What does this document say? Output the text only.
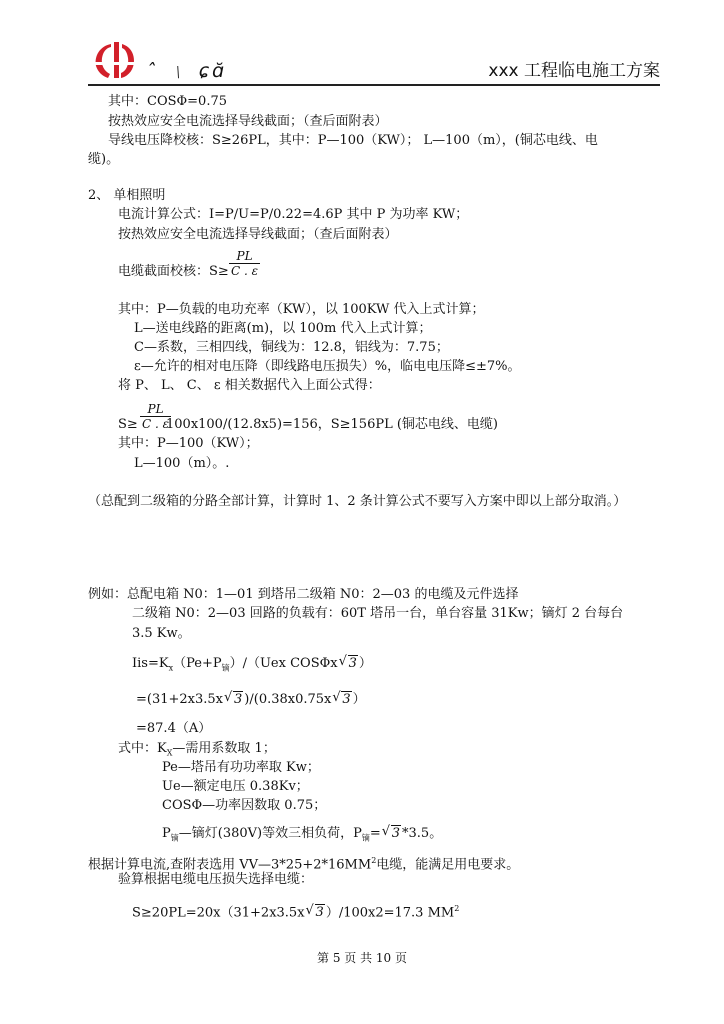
ˆ ﹨ ɕɑ̆	xxx 工程临电施工方案
其中：COSΦ=0.75
按热效应安全电流选择导线截面；（查后面附表）
导线电压降校核：S≥26PL，其中：P—100（KW）； L—100（m），(铜芯电线、电
缆)。
2、 单相照明
电流计算公式：I=P/U=P/0.22=4.6P 其中 P 为功率 KW；
按热效应安全电流选择导线截面；（查后面附表）
电缆截面校核：S≥
PL
C . ε
其中：P—负载的电功充率（KW），以 100KW 代入上式计算；
L—送电线路的距离(m)，以 100m 代入上式计算；
C—系数，三相四线，铜线为：12.8，铝线为：7.75；
ε—允许的相对电压降（即线路电压损失）%，临电电压降≤±7%。
将 P、 L、 C、 ε 相关数据代入上面公式得：
S≥
PL
C . ε
100x100/(12.8x5)=156，S≥156PL (铜芯电线、电缆)
其中：P—100（KW）；
L—100（m）。.
（总配到二级箱的分路全部计算，计算时 1、2 条计算公式不要写入方案中即以上部分取消。）
例如：总配电箱 N0：1—01 到塔吊二级箱 N0：2—03 的电缆及元件选择
二级箱 N0：2—03 回路的负载有：60T 塔吊一台，单台容量 31Kw；镝灯 2 台每台
3.5 Kw。
$Iis=K_x(Pe+P_镝)/(Uex$ COSΦx √ 3 ）
=(31+2x3.5x √ 3 )/(0.38x0.75x √ 3 ）
=87.4（A）
式中：$K_X—$需用系数取 1；
Pe—塔吊有功功率取 Kw；
Ue—额定电压 0.38Kv；
COSΦ—功率因数取 0.75；
$P_镝—$镝灯(380V)等效三相负荷，$P_镝=$ √ 3 *3.5。
根据计算电流,查附表选用 $VV—3*25+2*16MM^2$电缆，能满足用电要求。
验算根据电缆电压损失选择电缆：
S≥20PL=20x（31+2x3.5x √ 3 ）/100x2=17.3 $MM^2$
第 5 页 共 10 页
